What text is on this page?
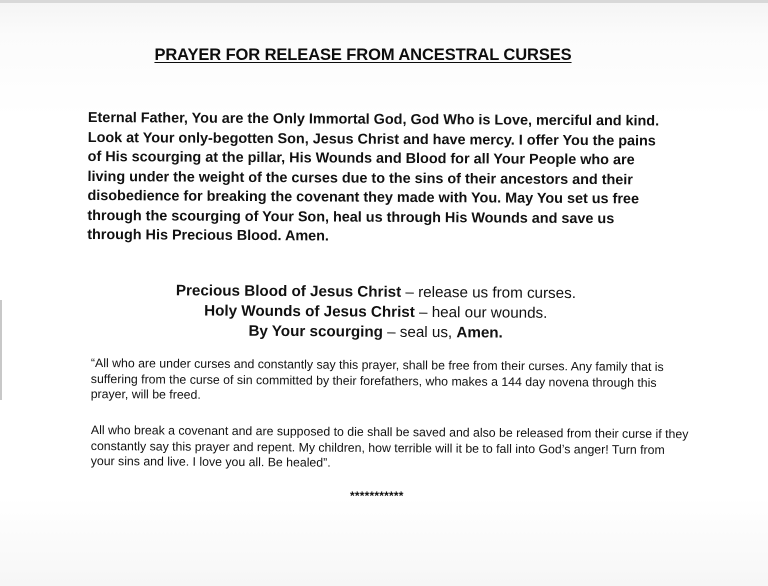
PRAYER FOR RELEASE FROM ANCESTRAL CURSES

Eternal Father, You are the Only Immortal God, God Who is Love, merciful and kind. Look at Your only-begotten Son, Jesus Christ and have mercy. I offer You the pains of His scourging at the pillar, His Wounds and Blood for all Your People who are living under the weight of the curses due to the sins of their ancestors and their disobedience for breaking the covenant they made with You. May You set us free through the scourging of Your Son, heal us through His Wounds and save us through His Precious Blood. Amen.

Precious Blood of Jesus Christ – release us from curses.
Holy Wounds of Jesus Christ – heal our wounds.
By Your scourging – seal us, Amen.

“All who are under curses and constantly say this prayer, shall be free from their curses. Any family that is suffering from the curse of sin committed by their forefathers, who makes a 144 day novena through this prayer, will be freed.

All who break a covenant and are supposed to die shall be saved and also be released from their curse if they constantly say this prayer and repent. My children, how terrible will it be to fall into God’s anger! Turn from your sins and live. I love you all. Be healed”.

***********
